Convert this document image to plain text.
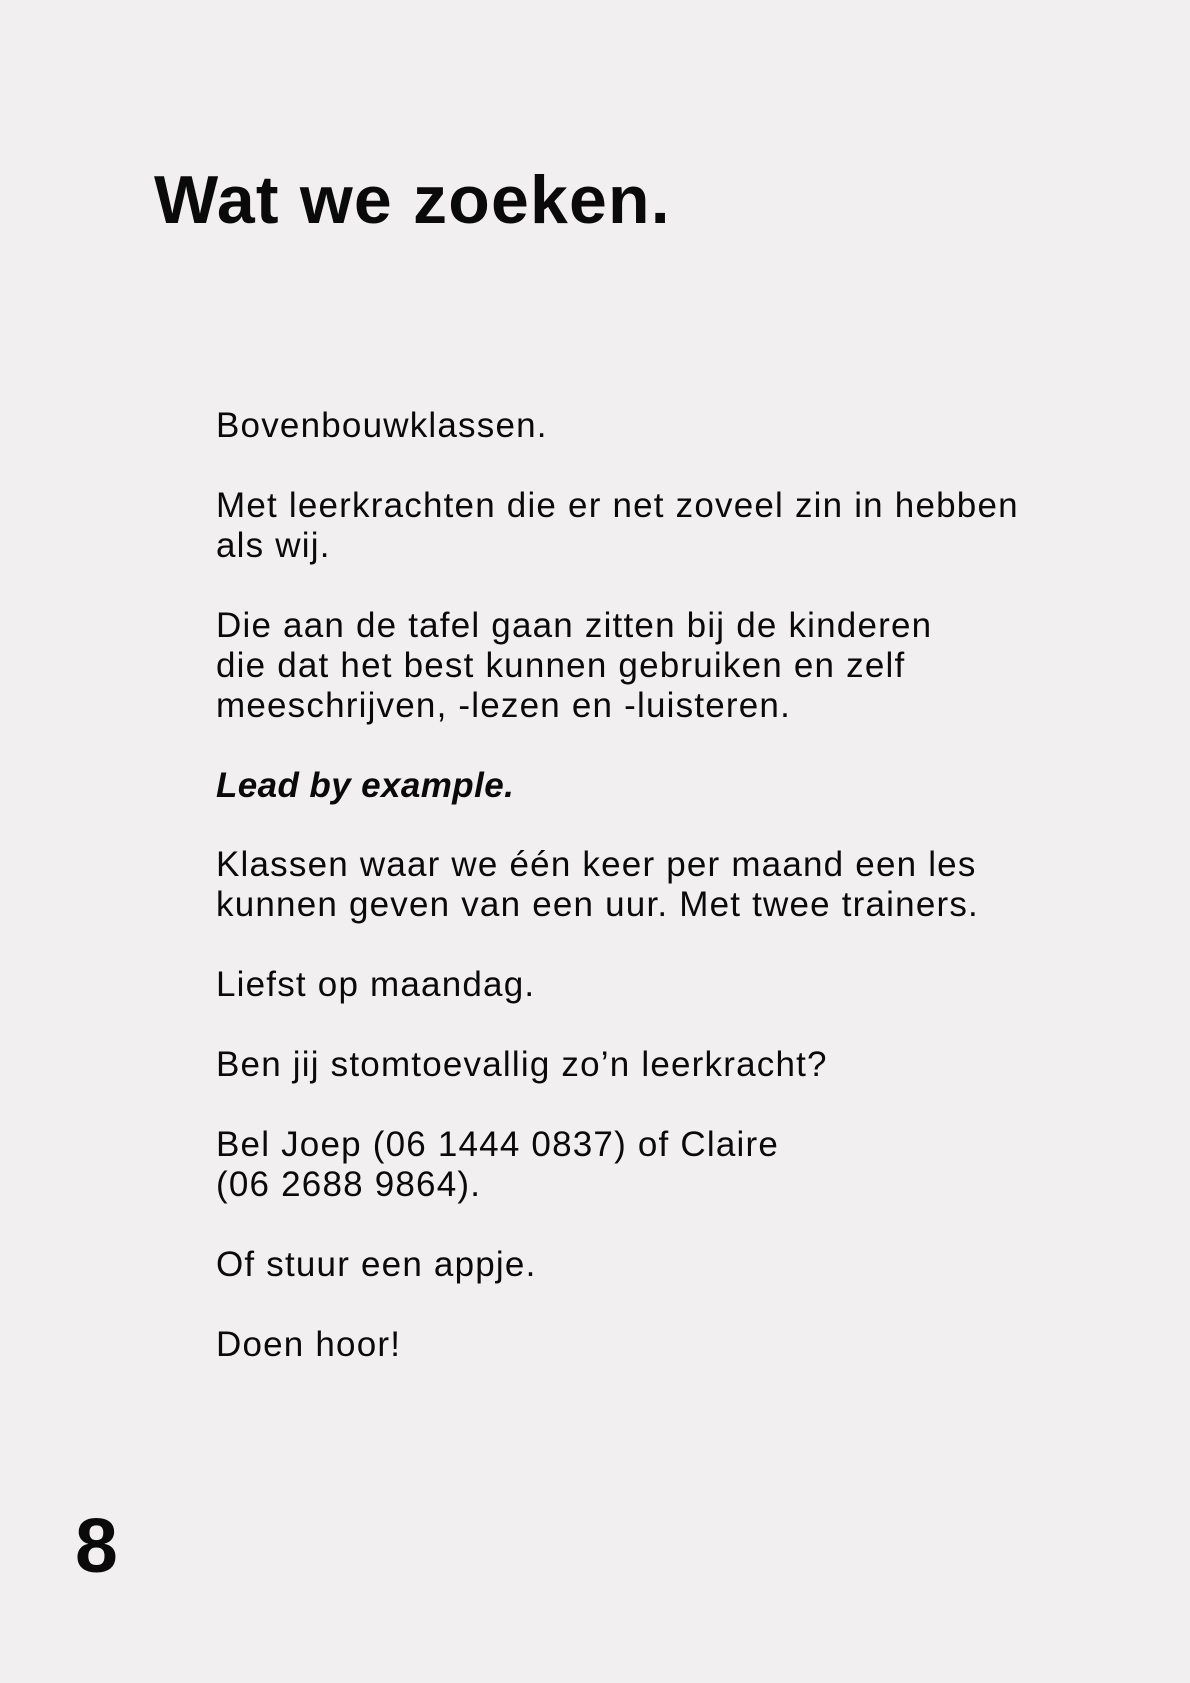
Wat we zoeken.

Bovenbouwklassen.

Met leerkrachten die er net zoveel zin in hebben
als wij.

Die aan de tafel gaan zitten bij de kinderen
die dat het best kunnen gebruiken en zelf
meeschrijven, -lezen en -luisteren.

Lead by example.

Klassen waar we één keer per maand een les
kunnen geven van een uur. Met twee trainers.

Liefst op maandag.

Ben jij stomtoevallig zo’n leerkracht?

Bel Joep (06 1444 0837) of Claire
(06 2688 9864).

Of stuur een appje.

Doen hoor!

8
